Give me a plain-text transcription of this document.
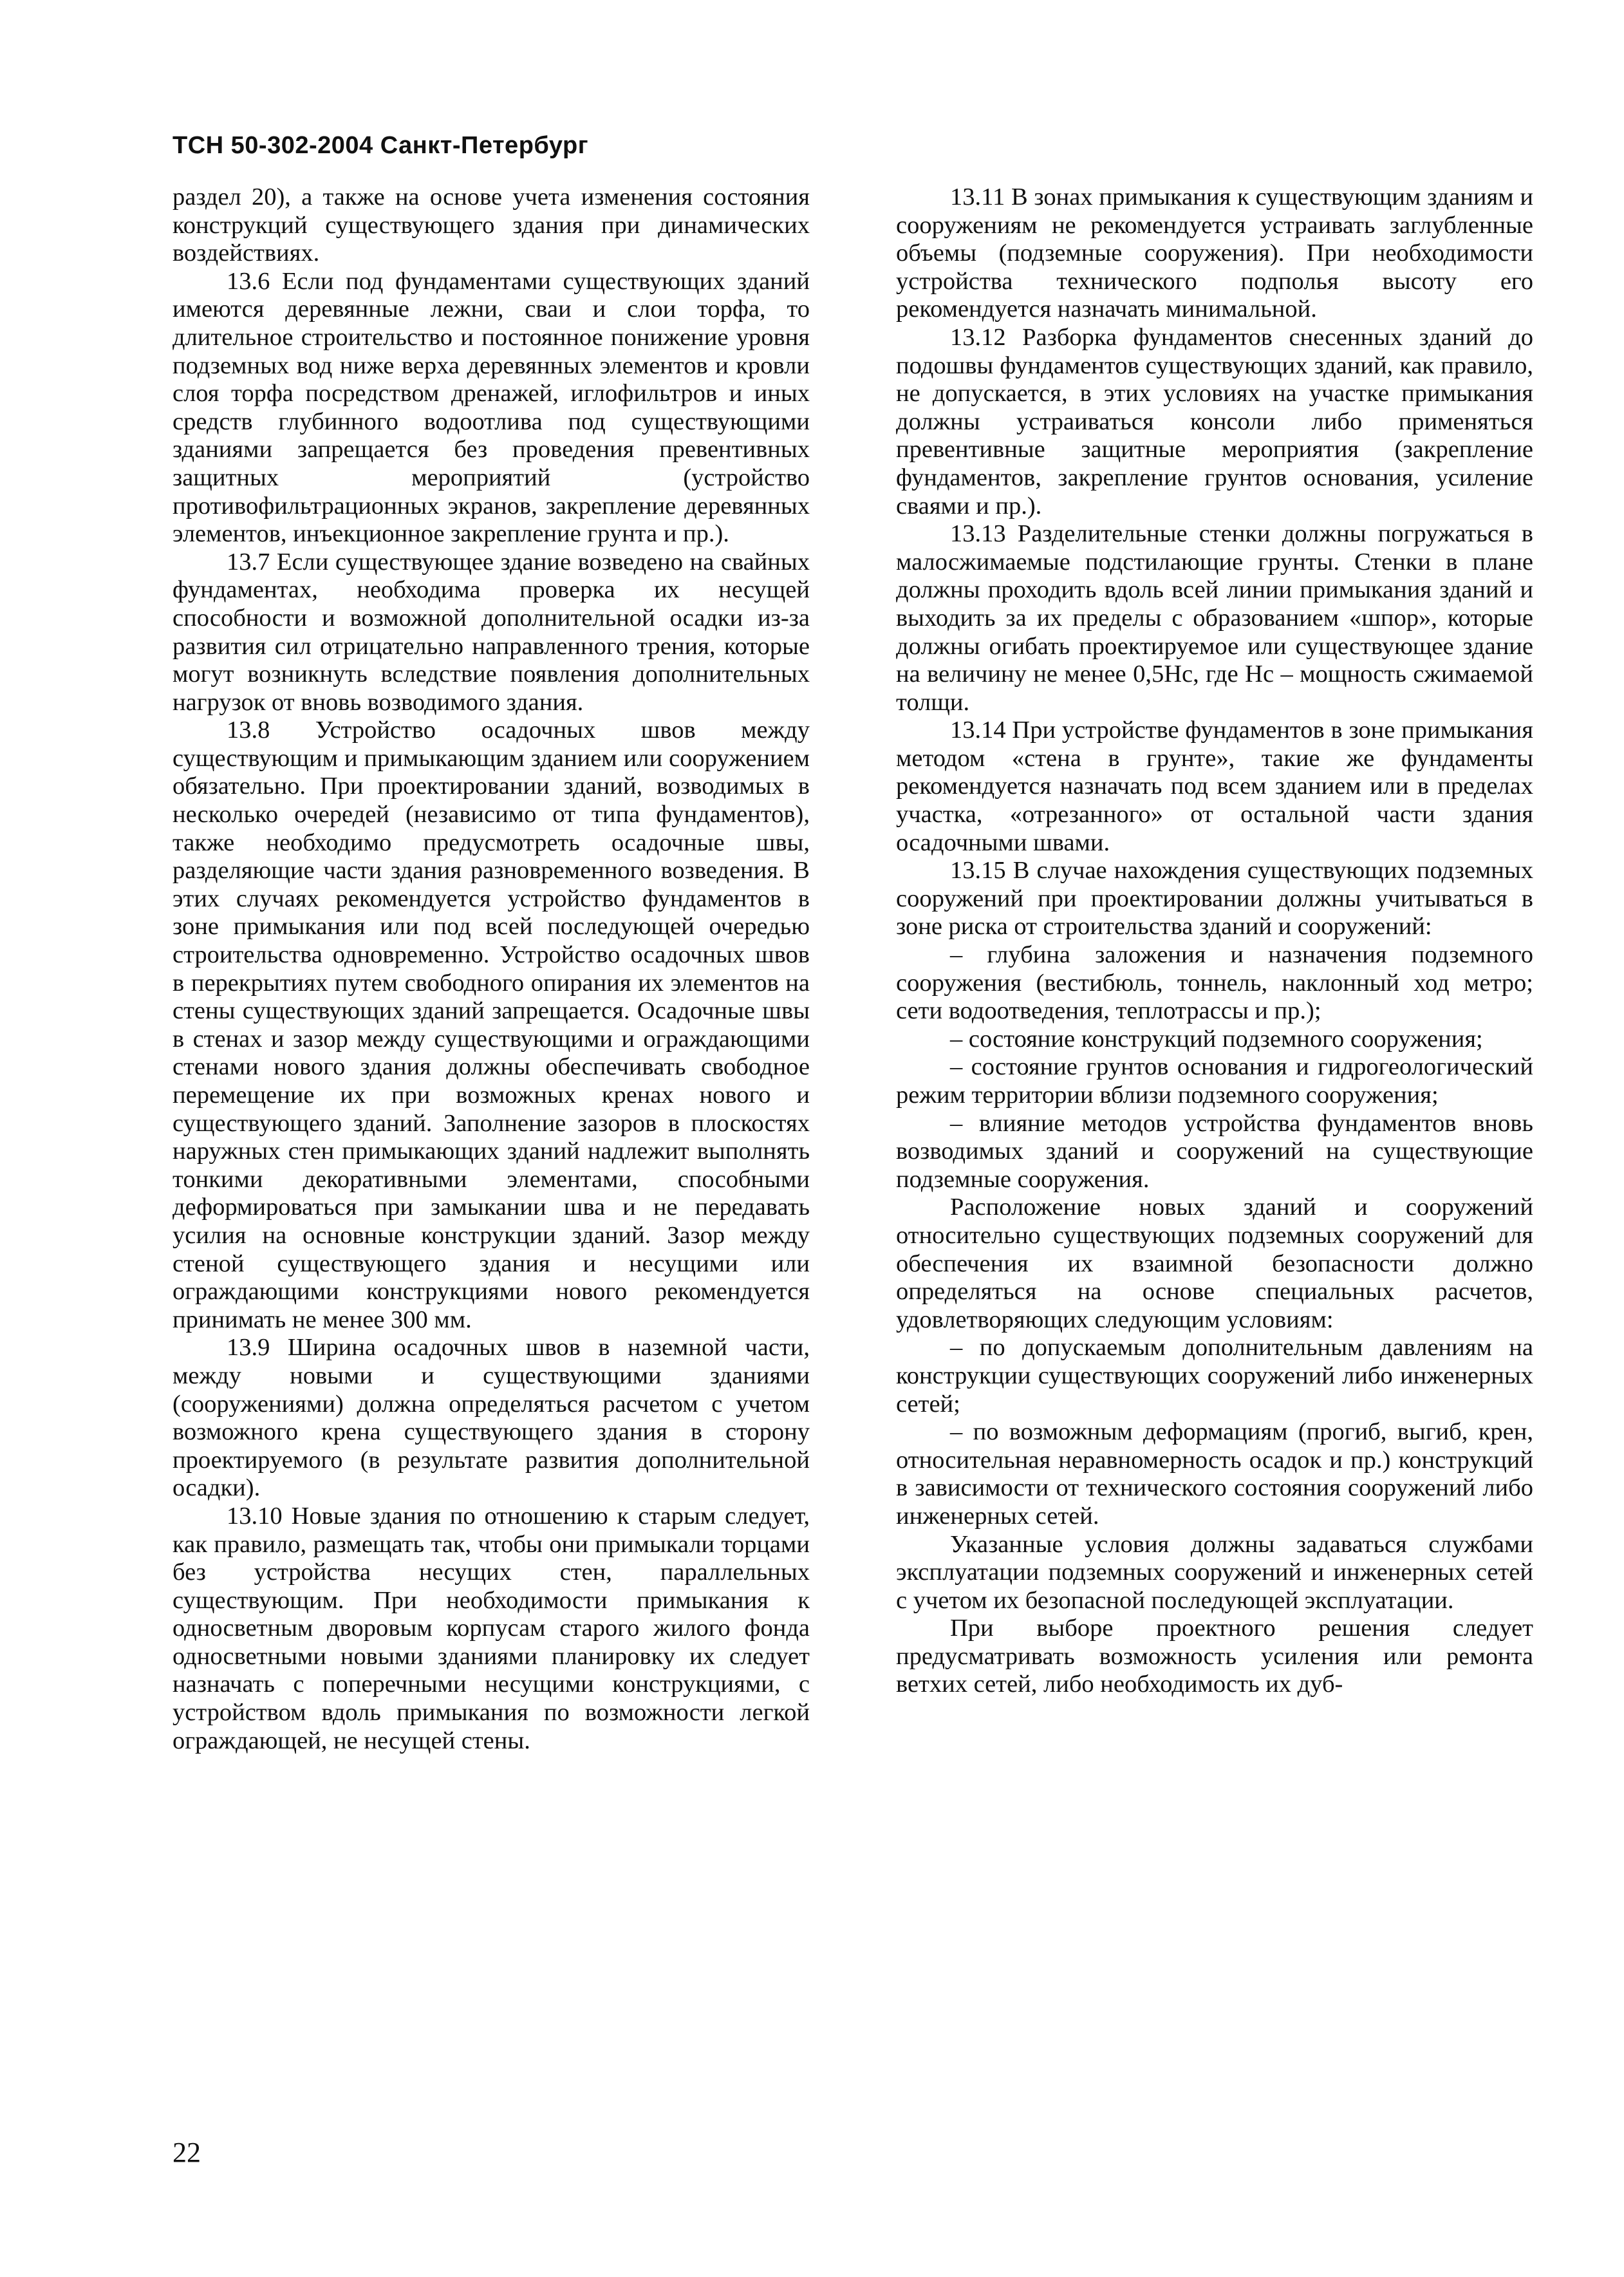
ТСН 50-302-2004 Санкт-Петербург

раздел 20), а также на основе учета изменения состояния конструкций существующего здания при динамических воздействиях.

13.6 Если под фундаментами существующих зданий имеются деревянные лежни, сваи и слои торфа, то длительное строительство и постоянное понижение уровня подземных вод ниже верха деревянных элементов и кровли слоя торфа посредством дренажей, иглофильтров и иных средств глубинного водоотлива под существующими зданиями запрещается без проведения превентивных защитных мероприятий (устройство противофильтрационных экранов, закрепление деревянных элементов, инъекционное закрепление грунта и пр.).

13.7 Если существующее здание возведено на свайных фундаментах, необходима проверка их несущей способности и возможной дополнительной осадки из-за развития сил отрицательно направленного трения, которые могут возникнуть вследствие появления дополнительных нагрузок от вновь возводимого здания.

13.8 Устройство осадочных швов между существующим и примыкающим зданием или сооружением обязательно. При проектировании зданий, возводимых в несколько очередей (независимо от типа фундаментов), также необходимо предусмотреть осадочные швы, разделяющие части здания разновременного возведения. В этих случаях рекомендуется устройство фундаментов в зоне примыкания или под всей последующей очередью строительства одновременно. Устройство осадочных швов в перекрытиях путем свободного опирания их элементов на стены существующих зданий запрещается. Осадочные швы в стенах и зазор между существующими и ограждающими стенами нового здания должны обеспечивать свободное перемещение их при возможных кренах нового и существующего зданий. Заполнение зазоров в плоскостях наружных стен примыкающих зданий надлежит выполнять тонкими декоративными элементами, способными деформироваться при замыкании шва и не передавать усилия на основные конструкции зданий. Зазор между стеной существующего здания и несущими или ограждающими конструкциями нового рекомендуется принимать не менее 300 мм.

13.9 Ширина осадочных швов в наземной части, между новыми и существующими зданиями (сооружениями) должна определяться расчетом с учетом возможного крена существующего здания в сторону проектируемого (в результате развития дополнительной осадки).

13.10 Новые здания по отношению к старым следует, как правило, размещать так, чтобы они примыкали торцами без устройства несущих стен, параллельных существующим. При необходимости примыкания к односветным дворовым корпусам старого жилого фонда односветными новыми зданиями планировку их следует назначать с поперечными несущими конструкциями, с устройством вдоль примыкания по возможности легкой ограждающей, не несущей стены.

13.11 В зонах примыкания к существующим зданиям и сооружениям не рекомендуется устраивать заглубленные объемы (подземные сооружения). При необходимости устройства технического подполья высоту его рекомендуется назначать минимальной.

13.12 Разборка фундаментов снесенных зданий до подошвы фундаментов существующих зданий, как правило, не допускается, в этих условиях на участке примыкания должны устраиваться консоли либо применяться превентивные защитные мероприятия (закрепление фундаментов, закрепление грунтов основания, усиление сваями и пр.).

13.13 Разделительные стенки должны погружаться в малосжимаемые подстилающие грунты. Стенки в плане должны проходить вдоль всей линии примыкания зданий и выходить за их пределы с образованием «шпор», которые должны огибать проектируемое или существующее здание на величину не менее 0,5Hс, где Hс – мощность сжимаемой толщи.

13.14 При устройстве фундаментов в зоне примыкания методом «стена в грунте», такие же фундаменты рекомендуется назначать под всем зданием или в пределах участка, «отрезанного» от остальной части здания осадочными швами.

13.15 В случае нахождения существующих подземных сооружений при проектировании должны учитываться в зоне риска от строительства зданий и сооружений:

– глубина заложения и назначения подземного сооружения (вестибюль, тоннель, наклонный ход метро; сети водоотведения, теплотрассы и пр.);

– состояние конструкций подземного сооружения;

– состояние грунтов основания и гидрогеологический режим территории вблизи подземного сооружения;

– влияние методов устройства фундаментов вновь возводимых зданий и сооружений на существующие подземные сооружения.

Расположение новых зданий и сооружений относительно существующих подземных сооружений для обеспечения их взаимной безопасности должно определяться на основе специальных расчетов, удовлетворяющих следующим условиям:

– по допускаемым дополнительным давлениям на конструкции существующих сооружений либо инженерных сетей;

– по возможным деформациям (прогиб, выгиб, крен, относительная неравномерность осадок и пр.) конструкций в зависимости от технического состояния сооружений либо инженерных сетей.

Указанные условия должны задаваться службами эксплуатации подземных сооружений и инженерных сетей с учетом их безопасной последующей эксплуатации.

При выборе проектного решения следует предусматривать возможность усиления или ремонта ветхих сетей, либо необходимость их дуб-

22
